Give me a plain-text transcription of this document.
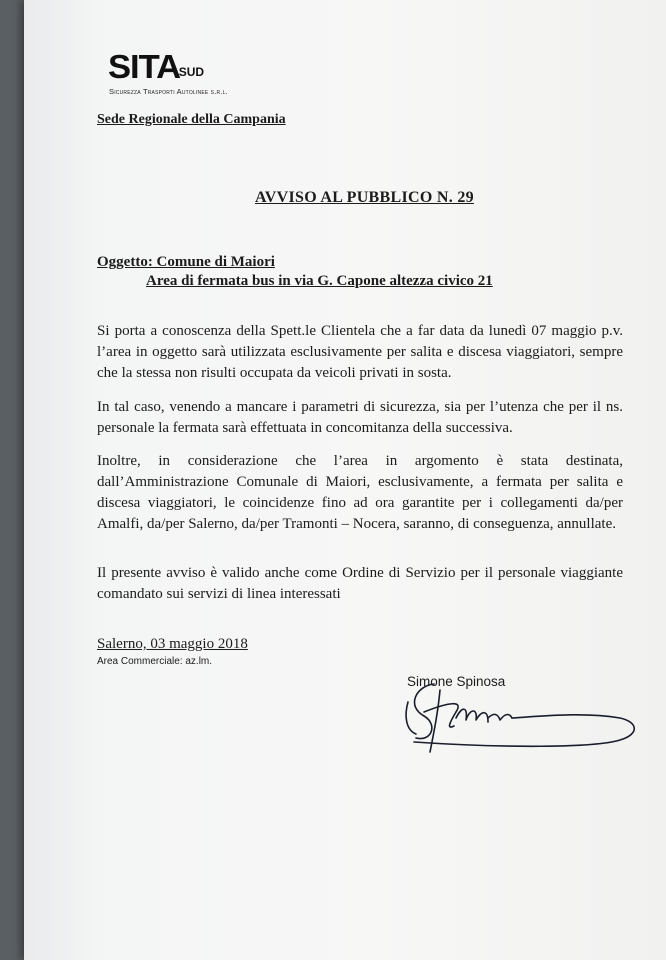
SITASUD
Sicurezza Trasporti Autolinee s.r.l.
Sede Regionale della Campania
AVVISO AL PUBBLICO N. 29
Oggetto: Comune di Maiori
Area di fermata bus in via G. Capone altezza civico 21
Si porta a conoscenza della Spett.le Clientela che a far data da lunedì 07 maggio p.v. l’area in oggetto sarà utilizzata esclusivamente per salita e discesa viaggiatori, sempre che la stessa non risulti occupata da veicoli privati in sosta.
In tal caso, venendo a mancare i parametri di sicurezza, sia per l’utenza che per il ns. personale la fermata sarà effettuata in concomitanza della successiva.
Inoltre, in considerazione che l’area in argomento è stata destinata, dall’Amministrazione Comunale di Maiori, esclusivamente, a fermata per salita e discesa viaggiatori, le coincidenze fino ad ora garantite per i collegamenti da/per Amalfi, da/per Salerno, da/per Tramonti – Nocera, saranno, di conseguenza, annullate.
Il presente avviso è valido anche come Ordine di Servizio per il personale viaggiante comandato sui servizi di linea interessati
Salerno, 03 maggio 2018
Area Commerciale: az.lm.
Simone Spinosa
